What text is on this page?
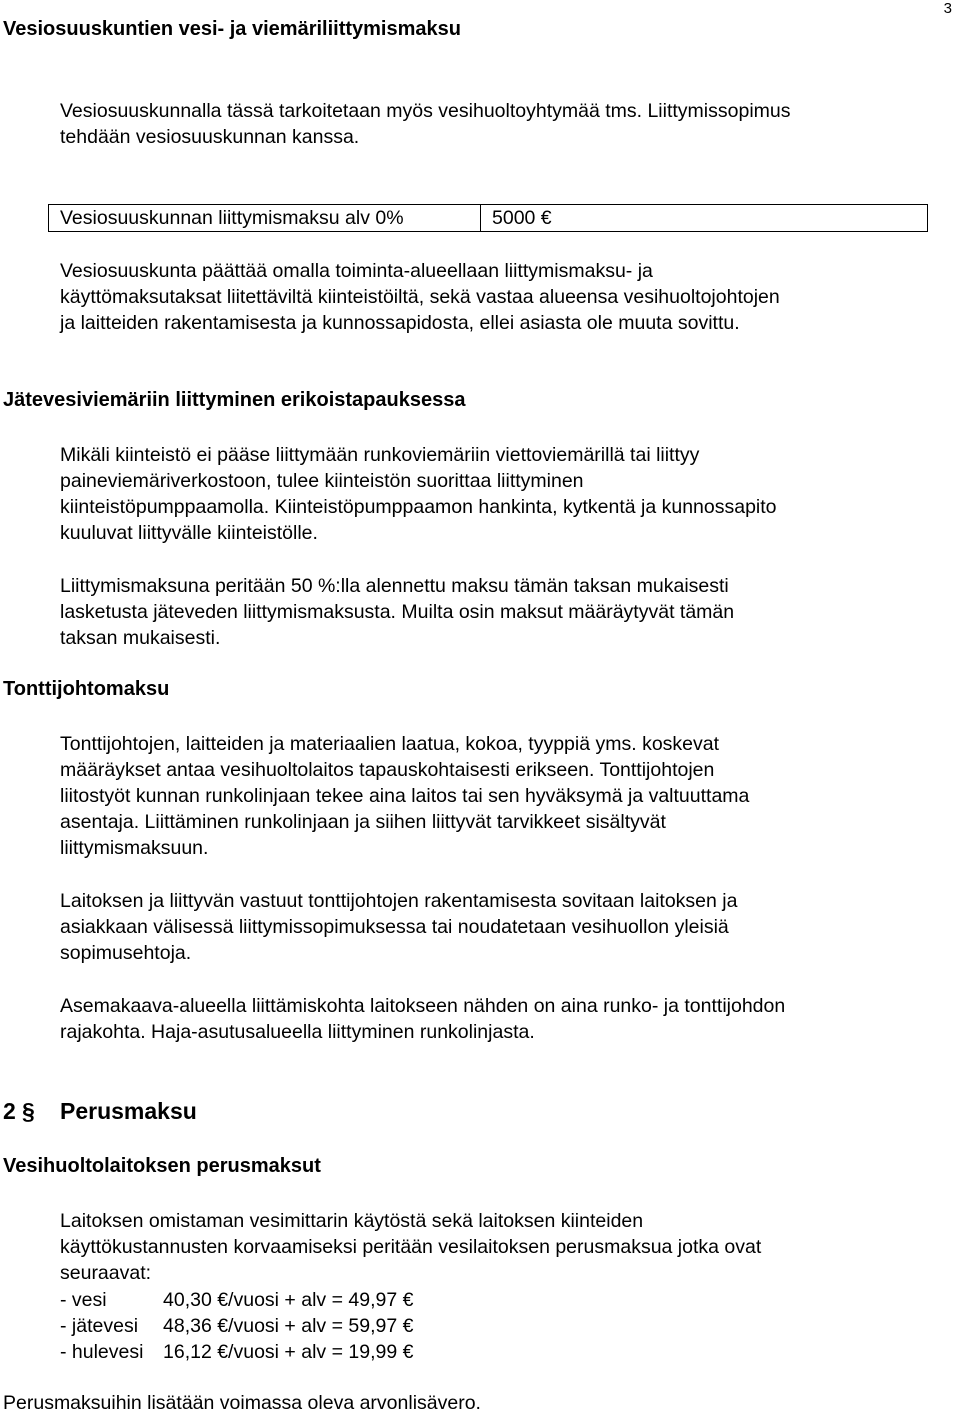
3
Vesiosuuskuntien vesi- ja viemäriliittymismaksu
Vesiosuuskunnalla tässä tarkoitetaan myös vesihuoltoyhtymää tms. Liittymissopimus
tehdään vesiosuuskunnan kanssa.
Vesiosuuskunnan liittymismaksu alv 0%	5000 €
Vesiosuuskunta päättää omalla toiminta-alueellaan liittymismaksu- ja
käyttömaksutaksat liitettäviltä kiinteistöiltä, sekä vastaa alueensa vesihuoltojohtojen
ja laitteiden rakentamisesta ja kunnossapidosta, ellei asiasta ole muuta sovittu.
Jätevesiviemäriin liittyminen erikoistapauksessa
Mikäli kiinteistö ei pääse liittymään runkoviemäriin viettoviemärillä tai liittyy
paineviemäriverkostoon, tulee kiinteistön suorittaa liittyminen
kiinteistöpumppaamolla. Kiinteistöpumppaamon hankinta, kytkentä ja kunnossapito
kuuluvat liittyvälle kiinteistölle.
Liittymismaksuna peritään 50 %:lla alennettu maksu tämän taksan mukaisesti
lasketusta jäteveden liittymismaksusta. Muilta osin maksut määräytyvät tämän
taksan mukaisesti.
Tonttijohtomaksu
Tonttijohtojen, laitteiden ja materiaalien laatua, kokoa, tyyppiä yms. koskevat
määräykset antaa vesihuoltolaitos tapauskohtaisesti erikseen. Tonttijohtojen
liitostyöt kunnan runkolinjaan tekee aina laitos tai sen hyväksymä ja valtuuttama
asentaja. Liittäminen runkolinjaan ja siihen liittyvät tarvikkeet sisältyvät
liittymismaksuun.
Laitoksen ja liittyvän vastuut tonttijohtojen rakentamisesta sovitaan laitoksen ja
asiakkaan välisessä liittymissopimuksessa tai noudatetaan vesihuollon yleisiä
sopimusehtoja.
Asemakaava-alueella liittämiskohta laitokseen nähden on aina runko- ja tonttijohdon
rajakohta. Haja-asutusalueella liittyminen runkolinjasta.
2 § Perusmaksu
Vesihuoltolaitoksen perusmaksut
Laitoksen omistaman vesimittarin käytöstä sekä laitoksen kiinteiden
käyttökustannusten korvaamiseksi peritään vesilaitoksen perusmaksua jotka ovat
seuraavat:
- vesi	40,30 €/vuosi + alv = 49,97 €
- jätevesi 48,36 €/vuosi + alv = 59,97 €
- hulevesi 16,12 €/vuosi + alv = 19,99 €
Perusmaksuihin lisätään voimassa oleva arvonlisävero.
